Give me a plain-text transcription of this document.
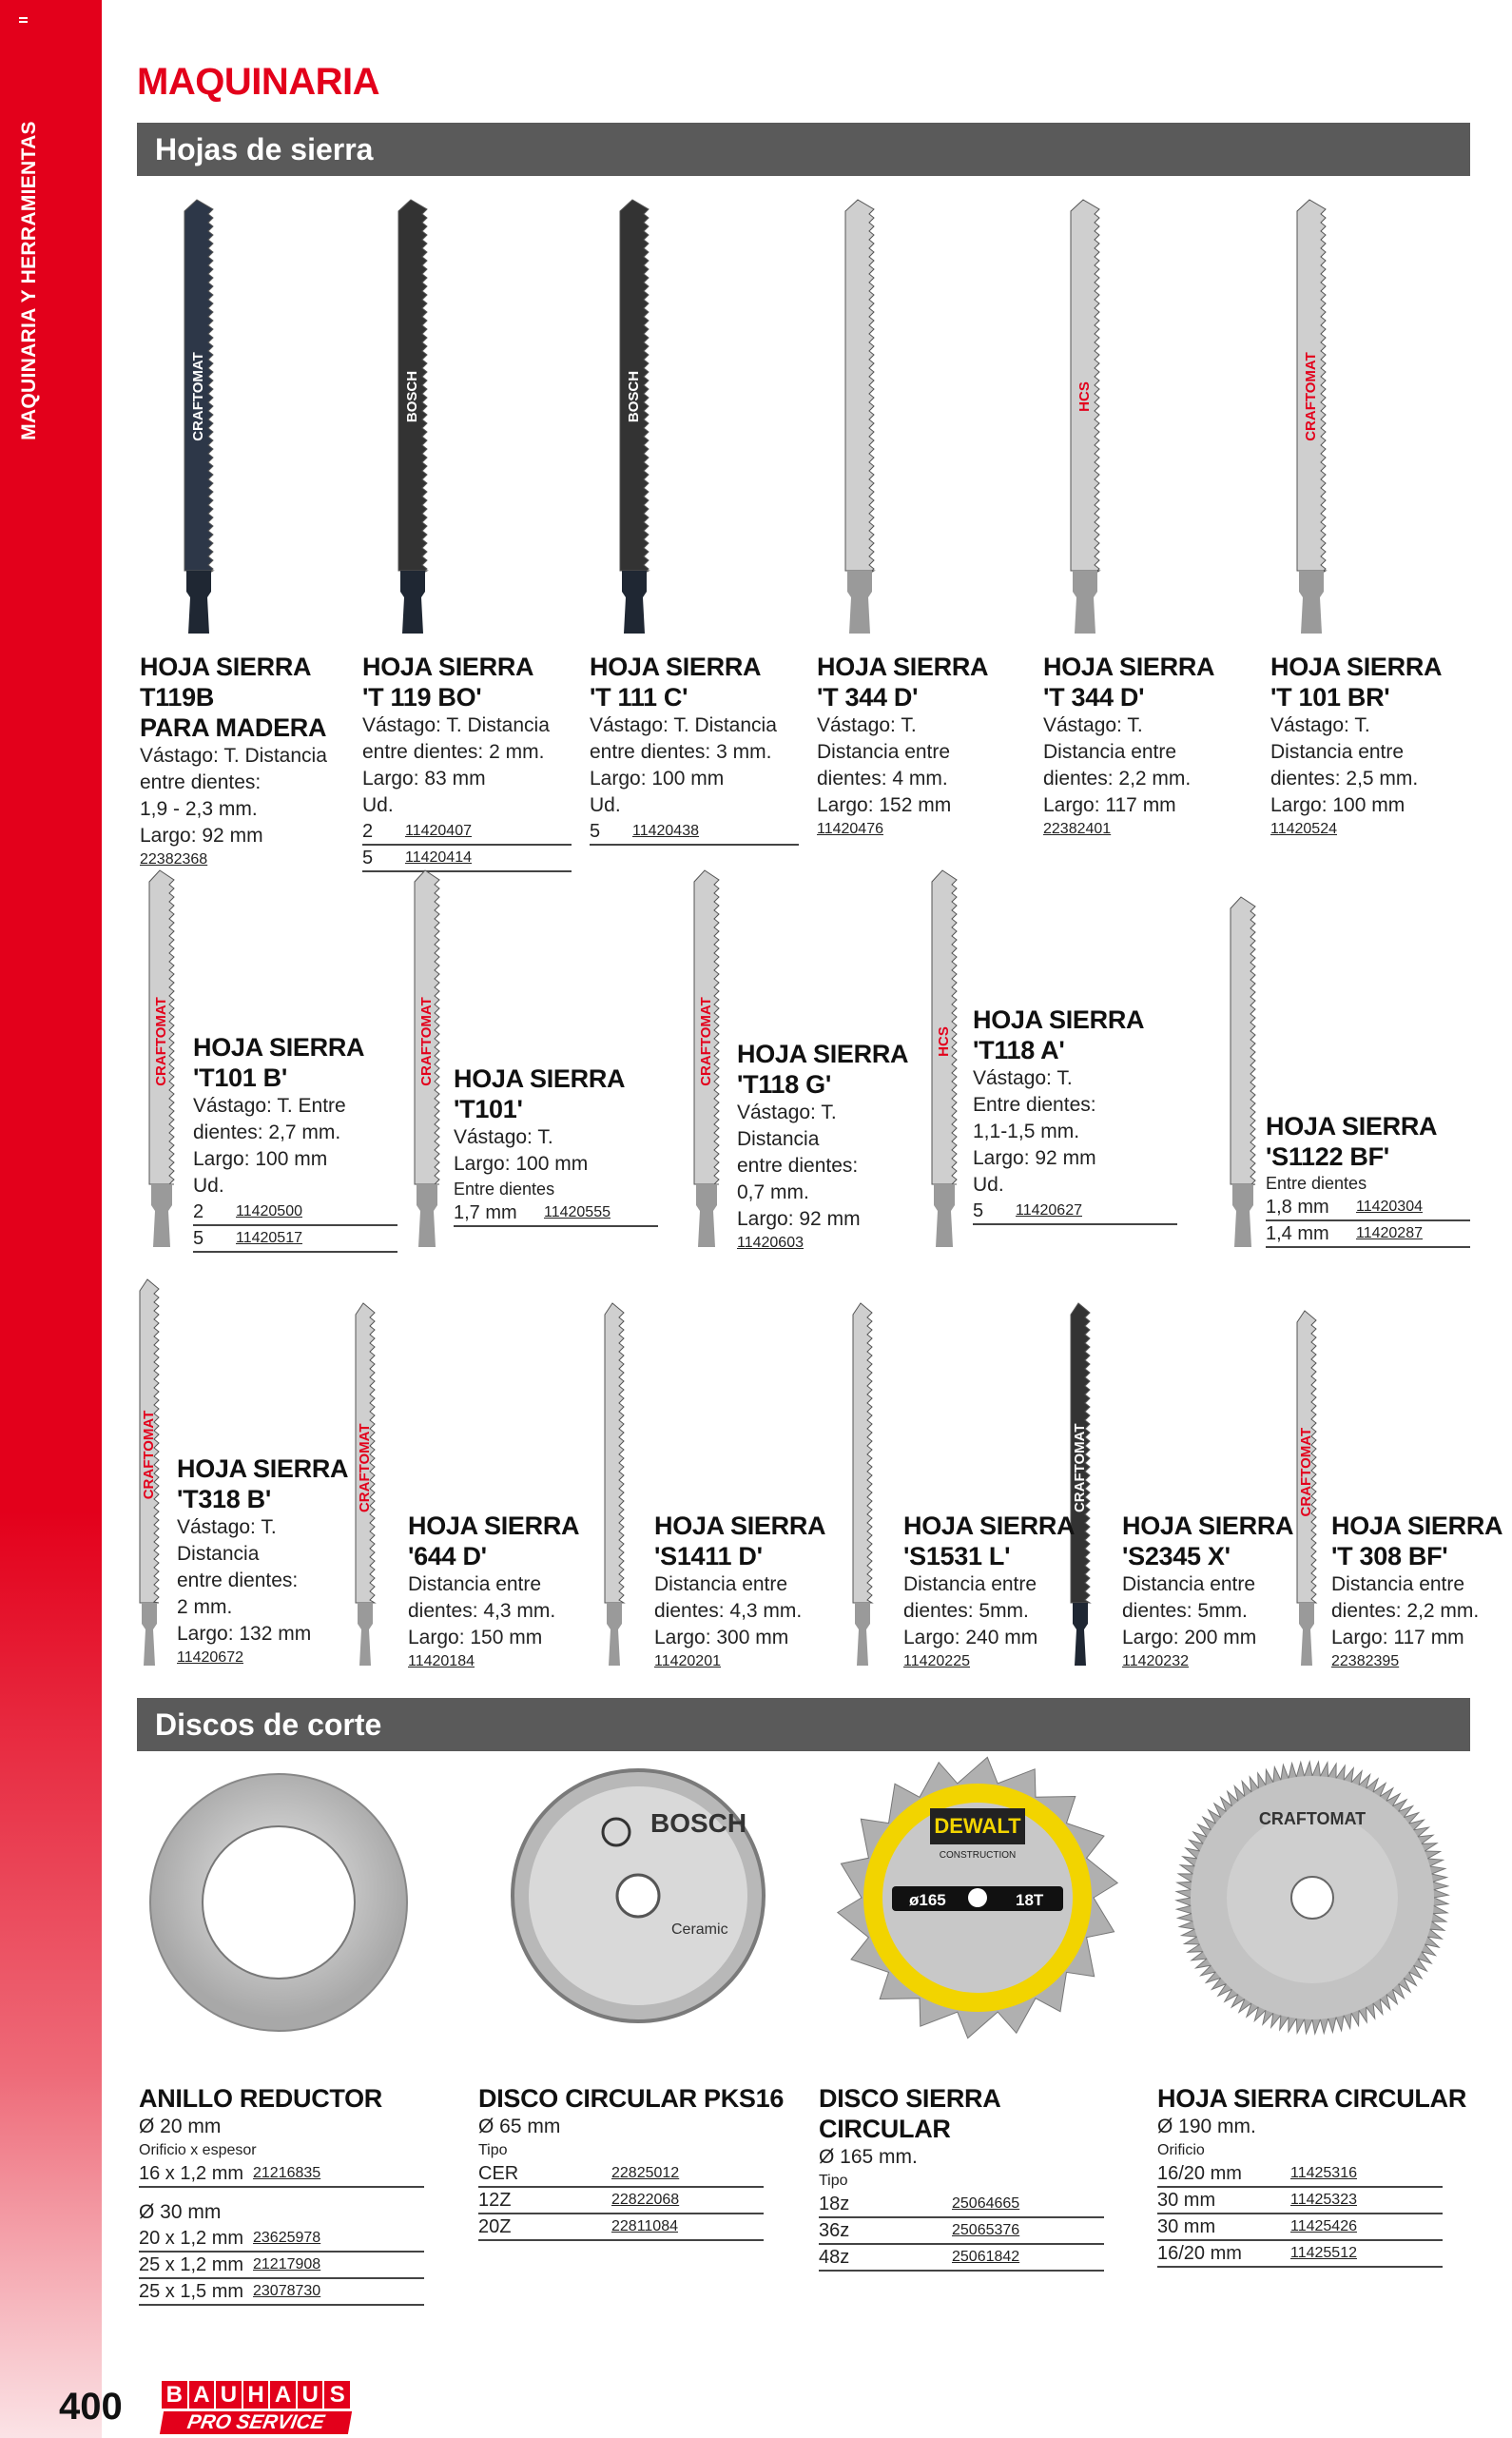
MAQUINARIA Y HERRAMIENTAS
MAQUINARIA
Hojas de sierra
CRAFTOMAT	BOSCH	BOSCH	HCS	CRAFTOMAT
HOJA SIERRA
T119B
PARA MADERA
Vástago: T. Distancia
entre dientes:
1,9 - 2,3 mm.
Largo: 92 mm
22382368
HOJA SIERRA
'T 119 BO'
Vástago: T. Distancia
entre dientes: 2 mm.
Largo: 83 mm
Ud.
2	11420407
5	11420414
HOJA SIERRA
'T 111 C'
Vástago: T. Distancia
entre dientes: 3 mm.
Largo: 100 mm
Ud.
5	11420438
HOJA SIERRA
'T 344 D'
Vástago: T.
Distancia entre
dientes: 4 mm.
Largo: 152 mm
11420476
HOJA SIERRA
'T 344 D'
Vástago: T.
Distancia entre
dientes: 2,2 mm.
Largo: 117 mm
22382401
HOJA SIERRA
'T 101 BR'
Vástago: T.
Distancia entre
dientes: 2,5 mm.
Largo: 100 mm
11420524
CRAFTOMAT	CRAFTOMAT	CRAFTOMAT	HCS
HOJA SIERRA
'T101 B'
Vástago: T. Entre
dientes: 2,7 mm.
Largo: 100 mm
Ud.
2	11420500
5	11420517
HOJA SIERRA
'T101'
Vástago: T.
Largo: 100 mm
Entre dientes
1,7 mm	11420555
HOJA SIERRA
'T118 G'
Vástago: T.
Distancia
entre dientes:
0,7 mm.
Largo: 92 mm
11420603
HOJA SIERRA
'T118 A'
Vástago: T.
Entre dientes:
1,1-1,5 mm.
Largo: 92 mm
Ud.
5	11420627
HOJA SIERRA
'S1122 BF'
Entre dientes
1,8 mm	11420304
1,4 mm	11420287
CRAFTOMAT	CRAFTOMAT	CRAFTOMAT	CRAFTOMAT
HOJA SIERRA
'T318 B'
Vástago: T.
Distancia
entre dientes:
2 mm.
Largo: 132 mm
11420672
HOJA SIERRA
'644 D'
Distancia entre
dientes: 4,3 mm.
Largo: 150 mm
11420184
HOJA SIERRA
'S1411 D'
Distancia entre
dientes: 4,3 mm.
Largo: 300 mm
11420201
HOJA SIERRA
'S1531 L'
Distancia entre
dientes: 5mm.
Largo: 240 mm
11420225
HOJA SIERRA
'S2345 X'
Distancia entre
dientes: 5mm.
Largo: 200 mm
11420232
HOJA SIERRA
'T 308 BF'
Distancia entre
dientes: 2,2 mm.
Largo: 117 mm
22382395
Discos de corte
BOSCH
Ceramic
DEWALT
CONSTRUCTION
ø165	18T
CRAFTOMAT
ANILLO REDUCTOR
Ø 20 mm
Orificio x espesor
16 x 1,2 mm 21216835
Ø 30 mm
20 x 1,2 mm 23625978
25 x 1,2 mm 21217908
25 x 1,5 mm 23078730
DISCO CIRCULAR PKS16
Ø 65 mm
Tipo
CER	22825012
12Z	22822068
20Z	22811084
DISCO SIERRA CIRCULAR
Ø 165 mm.
Tipo
18z	25064665
36z	25065376
48z	25061842
HOJA SIERRA CIRCULAR
Ø 190 mm.
Orificio
16/20 mm	11425316
30 mm	11425323
30 mm	11425426
16/20 mm	11425512
400 B A U H A U S
PRO SERVICE
